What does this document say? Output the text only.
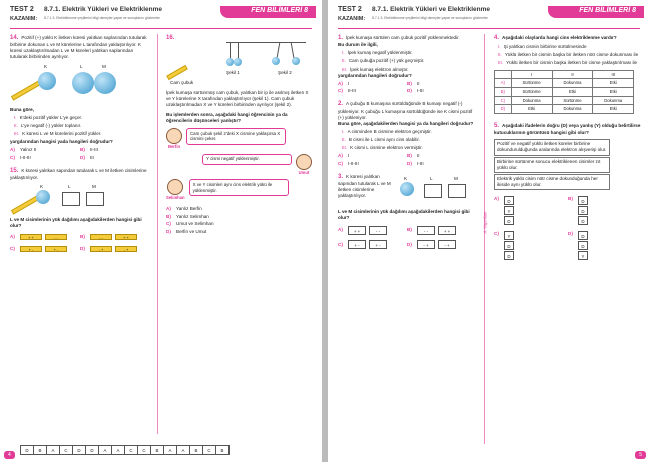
TEST 2 8.7.1. Elektrik Yükleri ve Elektriklenme
KAZANIM: 8.7.1.3. Elektriklenme çeşitlerini bilgi deneyler yapar ve sonuçlarını gözlemler.
FEN BİLİMLERİ 8
14. Pozitif (+) yüklü K iletken küresi yalıtkan saplarından tutularak birbirine dokunan L ve M kürelerine L tarafından yaklaştırılıyor. K küresi uzaklaştırılmadan L ve M küreleri yalıtkan saplarından tutularak birbirinden ayrılıyor.
K	L	M
Buna göre,
I. K'deki pozitif yükler L'ye geçer.
II. L'ye negatif (-) yükler toplanır.
III. K küresi L ve M kürelerini pozitif yükler.
yargılarından hangisi yada hangileri doğrudur?
A)	Yalnız II	B)	II-III
C)	I-II-III	D)	III
15. K küresi yalıtkan sapından tutularak L ve M iletken cisimlerine yaklaştırılıyor.
K	L	M
L ve M cisimlerinin yük dağılımı aşağıdakilerden hangisi gibi olur?
A)	+ +	- -	B)	- -	+ +
C)	+ -	+ -	D)	- +	- +
16.
Şekil 1	Şekil 2
Cam çubuk
İpek kumaşa sürtünmüş cam çubuk, yalıtkan bir ip ile asılmış iletken X ve Y kürelerine X tarafından yaklaştırılıyor (şekil 1). Cam çubuk uzaklaştırılmadan X ve Y küreleri birbirinden ayrılıyor (şekil 2).
Bu işlemlerden sonra, aşağıdaki hangi öğrencinin ya da öğrencilerin düşünceleri yanlıştır?
Berfin
Cam çubuk şekil 2'deki X cismine yaklaşırsa X cismini çeker.
Y cismi negatif yüklenmiştir.
Umut
Selimhan
X ve Y cisimleri aynı cins elektrik yükü ile yüklenmiştir.
A)	Yanlız Berfin
B)	Yanlız Selimhan
C)	Umut ve Selimhan
D)	Berfin ve Umut
4
D	B	A	C	D	D	A	A	C	C	B	A	A	B	C	B
TEST 2 8.7.1. Elektrik Yükleri ve Elektriklenme
KAZANIM: 8.7.1.3. Elektriklenme çeşitlerini bilgi deneyler yapar ve sonuçlarını gözlemler.
FEN BİLİMLERİ 8
1. İpek kumaşa sürtülen cam çubuk pozitif yüklenmektedir.
Bu durum ile ilgili,
I. İpek kumaş negatif yüklenmiştir.
II. Cam çubuğa pozitif (+) yük geçmiştir.
III. İpek kumaş elektron almıştır.
yargılarından hangileri doğrudur?
A)	I	B)	II
C)	II-III	D)	I-III
2. A çubuğu B kumaşına sürtüldüğünde B kumaşı negatif (-) yükleniyor. K çubuğu L kumaşına sürtüldüğünde ise K cismi pozitif (+) yükleniyor.
Buna göre, aşağıdakilerden hangisi ya da hangileri doğrudur?
I. A cisminden B cismine elektron geçmiştir.
II. B cismi ile L cismi aynı cins olabilir.
III. K cismi L cismine elektron vermiştir.
A)	I	B)	II
C)	I-II-III	D)	I-III
3. K küresi yalıtkan sapından tutularak L ve M iletken cisimlerine yaklaştırılıyor.
K	L	M
L ve M cisimlerinin yük dağılımı aşağıdakilerden hangisi gibi olur?
A)	+ +	- -	B)	- -	+ +
C)	+ -	+ -	D)	- +	- +
A Yayınları
4. Aşağıdaki olaylarda hangi cins elektriklenme vardır?
I. Şi yalıtkan cismin birbirine sürtülmesinde
II. Yüklü iletken bir cismin başka bir iletken nötr cisme dokunması ile
III. Yüklü iletken bir cismin başka iletken bir cisme yaklaştırılması ile
	I	II	III
A)	Sürtünme	Dokunma	Etki
B)	Sürtünme	Etki	Etki
C)	Dokunma	Sürtünme	Dokunma
D)	Etki	Dokunma	Etki
5. Aşağıdaki ifadelerin doğru (D) veya yanlış (Y) olduğu belirtilirse kutucuklarının görüntüsü hangisi gibi olur?
Pozitif ve negatif yüklü iletken küreler birbirine dokundurulduğunda aralarında elektron alışverişi olur.
Birbirine sürtünme sonucu elektriklenen cisimler zıt yüklü olur.
Elektrik yüklü cisim nötr cisme dokunduğunda her ikiside aynı yüklü olur.
A)
D
Y
D
B)
D
D
D
C)
Y
D
D
D)
D
D
Y
5
